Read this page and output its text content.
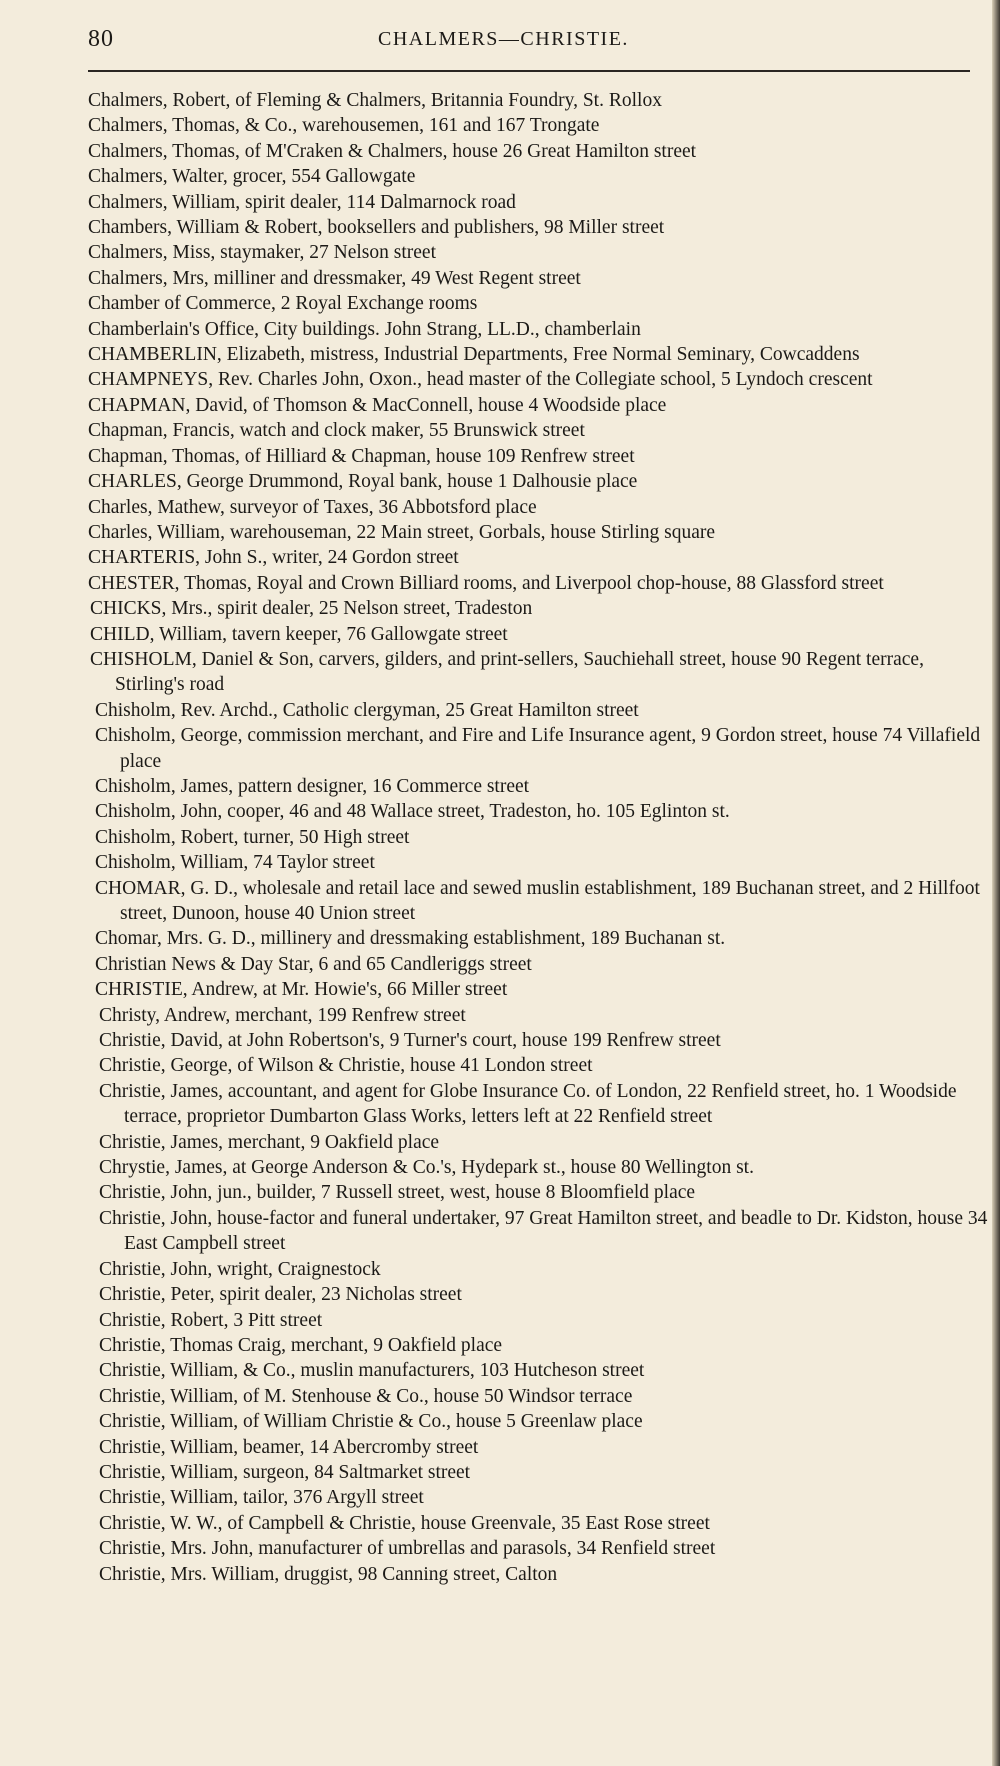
80	CHALMERS—CHRISTIE.
Chalmers, Robert, of Fleming & Chalmers, Britannia Foundry, St. Rollox
Chalmers, Thomas, & Co., warehousemen, 161 and 167 Trongate
Chalmers, Thomas, of M'Craken & Chalmers, house 26 Great Hamilton street
Chalmers, Walter, grocer, 554 Gallowgate
Chalmers, William, spirit dealer, 114 Dalmarnock road
Chambers, William & Robert, booksellers and publishers, 98 Miller street
Chalmers, Miss, staymaker, 27 Nelson street
Chalmers, Mrs, milliner and dressmaker, 49 West Regent street
Chamber of Commerce, 2 Royal Exchange rooms
Chamberlain's Office, City buildings. John Strang, LL.D., chamberlain
CHAMBERLIN, Elizabeth, mistress, Industrial Departments, Free Normal Seminary, Cowcaddens
CHAMPNEYS, Rev. Charles John, Oxon., head master of the Collegiate school, 5 Lyndoch crescent
CHAPMAN, David, of Thomson & MacConnell, house 4 Woodside place
Chapman, Francis, watch and clock maker, 55 Brunswick street
Chapman, Thomas, of Hilliard & Chapman, house 109 Renfrew street
CHARLES, George Drummond, Royal bank, house 1 Dalhousie place
Charles, Mathew, surveyor of Taxes, 36 Abbotsford place
Charles, William, warehouseman, 22 Main street, Gorbals, house Stirling square
CHARTERIS, John S., writer, 24 Gordon street
CHESTER, Thomas, Royal and Crown Billiard rooms, and Liverpool chop-house, 88 Glassford street
CHICKS, Mrs., spirit dealer, 25 Nelson street, Tradeston
CHILD, William, tavern keeper, 76 Gallowgate street
CHISHOLM, Daniel & Son, carvers, gilders, and print-sellers, Sauchiehall street, house 90 Regent terrace, Stirling's road
Chisholm, Rev. Archd., Catholic clergyman, 25 Great Hamilton street
Chisholm, George, commission merchant, and Fire and Life Insurance agent, 9 Gordon street, house 74 Villafield place
Chisholm, James, pattern designer, 16 Commerce street
Chisholm, John, cooper, 46 and 48 Wallace street, Tradeston, ho. 105 Eglinton st.
Chisholm, Robert, turner, 50 High street
Chisholm, William, 74 Taylor street
CHOMAR, G. D., wholesale and retail lace and sewed muslin establishment, 189 Buchanan street, and 2 Hillfoot street, Dunoon, house 40 Union street
Chomar, Mrs. G. D., millinery and dressmaking establishment, 189 Buchanan st.
Christian News & Day Star, 6 and 65 Candleriggs street
CHRISTIE, Andrew, at Mr. Howie's, 66 Miller street
Christy, Andrew, merchant, 199 Renfrew street
Christie, David, at John Robertson's, 9 Turner's court, house 199 Renfrew street
Christie, George, of Wilson & Christie, house 41 London street
Christie, James, accountant, and agent for Globe Insurance Co. of London, 22 Renfield street, ho. 1 Woodside terrace, proprietor Dumbarton Glass Works, letters left at 22 Renfield street
Christie, James, merchant, 9 Oakfield place
Chrystie, James, at George Anderson & Co.'s, Hydepark st., house 80 Wellington st.
Christie, John, jun., builder, 7 Russell street, west, house 8 Bloomfield place
Christie, John, house-factor and funeral undertaker, 97 Great Hamilton street, and beadle to Dr. Kidston, house 34 East Campbell street
Christie, John, wright, Craignestock
Christie, Peter, spirit dealer, 23 Nicholas street
Christie, Robert, 3 Pitt street
Christie, Thomas Craig, merchant, 9 Oakfield place
Christie, William, & Co., muslin manufacturers, 103 Hutcheson street
Christie, William, of M. Stenhouse & Co., house 50 Windsor terrace
Christie, William, of William Christie & Co., house 5 Greenlaw place
Christie, William, beamer, 14 Abercromby street
Christie, William, surgeon, 84 Saltmarket street
Christie, William, tailor, 376 Argyll street
Christie, W. W., of Campbell & Christie, house Greenvale, 35 East Rose street
Christie, Mrs. John, manufacturer of umbrellas and parasols, 34 Renfield street
Christie, Mrs. William, druggist, 98 Canning street, Calton
